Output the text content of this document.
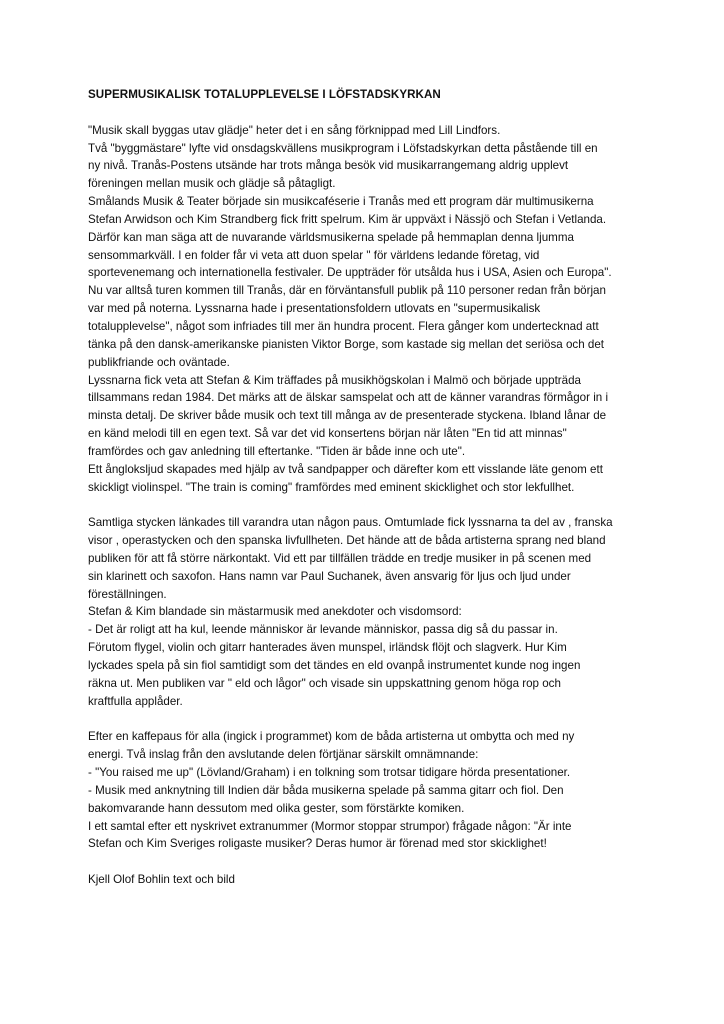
SUPERMUSIKALISK TOTALUPPLEVELSE I LÖFSTADSKYRKAN
"Musik skall byggas utav glädje" heter det i en sång förknippad med Lill Lindfors.
Två "byggmästare" lyfte vid onsdagskvällens musikprogram i Löfstadskyrkan detta påstående till en
ny nivå. Tranås-Postens utsände har trots många besök vid musikarrangemang aldrig upplevt
föreningen mellan musik och glädje så påtagligt.
Smålands Musik & Teater började sin musikcaféserie i Tranås med ett program där multimusikerna
Stefan Arwidson och Kim Strandberg fick fritt spelrum. Kim är uppväxt i Nässjö och Stefan i Vetlanda.
Därför kan man säga att de nuvarande världsmusikerna spelade på hemmaplan denna ljumma
sensommarkväll. I en folder får vi veta att duon spelar " för världens ledande företag, vid
sportevenemang och internationella festivaler. De uppträder för utsålda hus i USA, Asien och Europa".
Nu var alltså turen kommen till Tranås, där en förväntansfull publik på 110 personer redan från början
var med på noterna. Lyssnarna hade i presentationsfoldern utlovats en "supermusikalisk
totalupplevelse", något som infriades till mer än hundra procent. Flera gånger kom undertecknad att
tänka på den dansk-amerikanske pianisten Viktor Borge, som kastade sig mellan det seriösa och det
publikfriande och oväntade.
Lyssnarna fick veta att Stefan & Kim träffades på musikhögskolan i Malmö och började uppträda
tillsammans redan 1984. Det märks att de älskar samspelat och att de känner varandras förmågor in i
minsta detalj. De skriver både musik och text till många av de presenterade styckena. Ibland lånar de
en känd melodi till en egen text. Så var det vid konsertens början när låten "En tid att minnas"
framfördes och gav anledning till eftertanke. "Tiden är både inne och ute".
Ett ångloksljud skapades med hjälp av två sandpapper och därefter kom ett visslande läte genom ett
skickligt violinspel. "The train is coming" framfördes med eminent skicklighet och stor lekfullhet.
Samtliga stycken länkades till varandra utan någon paus. Omtumlade fick lyssnarna ta del av , franska
visor , operastycken och den spanska livfullheten. Det hände att de båda artisterna sprang ned bland
publiken för att få större närkontakt. Vid ett par tillfällen trädde en tredje musiker in på scenen med
sin klarinett och saxofon. Hans namn var Paul Suchanek, även ansvarig för ljus och ljud under
föreställningen.
Stefan & Kim blandade sin mästarmusik med anekdoter och visdomsord:
- Det är roligt att ha kul, leende människor är levande människor, passa dig så du passar in.
Förutom flygel, violin och gitarr hanterades även munspel, irländsk flöjt och slagverk. Hur Kim
lyckades spela på sin fiol samtidigt som det tändes en eld ovanpå instrumentet kunde nog ingen
räkna ut. Men publiken var " eld och lågor" och visade sin uppskattning genom höga rop och
kraftfulla applåder.
Efter en kaffepaus för alla (ingick i programmet) kom de båda artisterna ut ombytta och med ny
energi. Två inslag från den avslutande delen förtjänar särskilt omnämnande:
- "You raised me up" (Lövland/Graham) i en tolkning som trotsar tidigare hörda presentationer.
- Musik med anknytning till Indien där båda musikerna spelade på samma gitarr och fiol. Den
bakomvarande hann dessutom med olika gester, som förstärkte komiken.
I ett samtal efter ett nyskrivet extranummer (Mormor stoppar strumpor) frågade någon: "Är inte
Stefan och Kim Sveriges roligaste musiker? Deras humor är förenad med stor skicklighet!
Kjell Olof Bohlin text och bild
